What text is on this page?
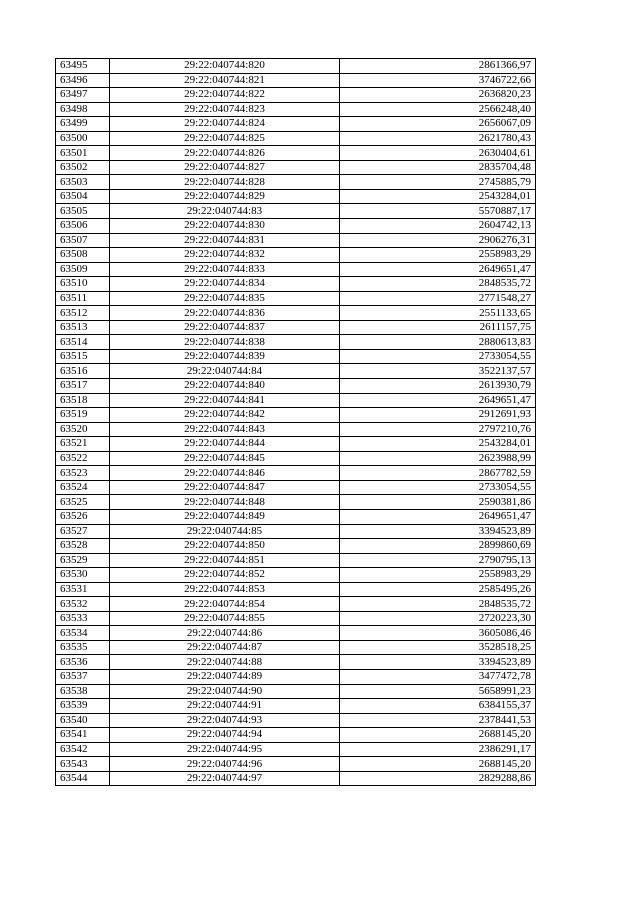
63495	29:22:040744:820	2861366,97
63496	29:22:040744:821	3746722,66
63497	29:22:040744:822	2636820,23
63498	29:22:040744:823	2566248,40
63499	29:22:040744:824	2656067,09
63500	29:22:040744:825	2621780,43
63501	29:22:040744:826	2630404,61
63502	29:22:040744:827	2835704,48
63503	29:22:040744:828	2745885,79
63504	29:22:040744:829	2543284,01
63505	29:22:040744:83	5570887,17
63506	29:22:040744:830	2604742,13
63507	29:22:040744:831	2906276,31
63508	29:22:040744:832	2558983,29
63509	29:22:040744:833	2649651,47
63510	29:22:040744:834	2848535,72
63511	29:22:040744:835	2771548,27
63512	29:22:040744:836	2551133,65
63513	29:22:040744:837	2611157,75
63514	29:22:040744:838	2880613,83
63515	29:22:040744:839	2733054,55
63516	29:22:040744:84	3522137,57
63517	29:22:040744:840	2613930,79
63518	29:22:040744:841	2649651,47
63519	29:22:040744:842	2912691,93
63520	29:22:040744:843	2797210,76
63521	29:22:040744:844	2543284,01
63522	29:22:040744:845	2623988,99
63523	29:22:040744:846	2867782,59
63524	29:22:040744:847	2733054,55
63525	29:22:040744:848	2590381,86
63526	29:22:040744:849	2649651,47
63527	29:22:040744:85	3394523,89
63528	29:22:040744:850	2899860,69
63529	29:22:040744:851	2790795,13
63530	29:22:040744:852	2558983,29
63531	29:22:040744:853	2585495,26
63532	29:22:040744:854	2848535,72
63533	29:22:040744:855	2720223,30
63534	29:22:040744:86	3605086,46
63535	29:22:040744:87	3528518,25
63536	29:22:040744:88	3394523,89
63537	29:22:040744:89	3477472,78
63538	29:22:040744:90	5658991,23
63539	29:22:040744:91	6384155,37
63540	29:22:040744:93	2378441,53
63541	29:22:040744:94	2688145,20
63542	29:22:040744:95	2386291,17
63543	29:22:040744:96	2688145,20
63544	29:22:040744:97	2829288,86
